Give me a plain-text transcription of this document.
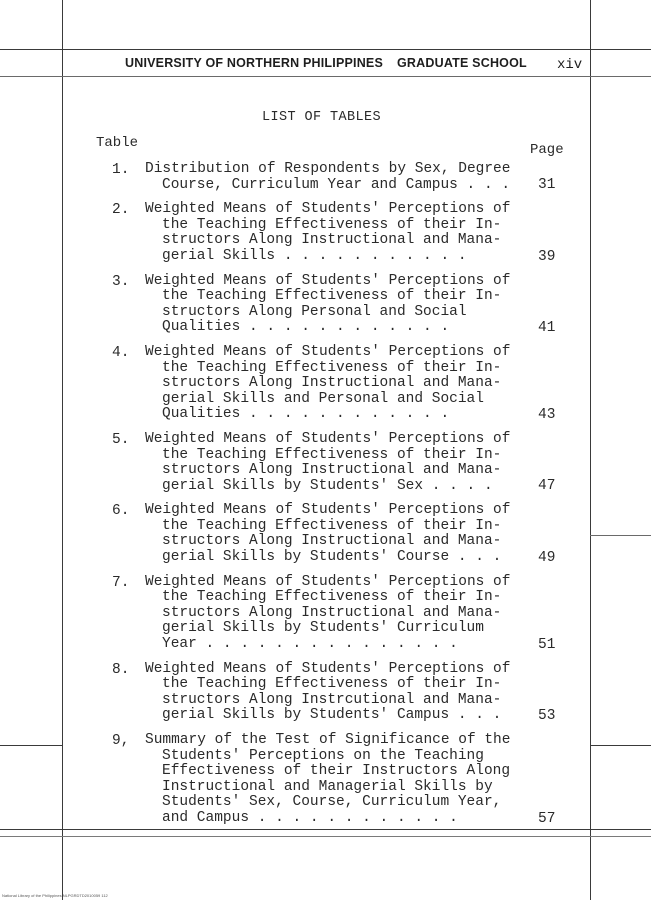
UNIVERSITY OF NORTHERN PHILIPPINES GRADUATE SCHOOL xiv
LIST OF TABLES
Table	Page
1. Distribution of Respondents by Sex, Degree
Course, Curriculum Year and Campus . . . 31
2. Weighted Means of Students' Perceptions of
the Teaching Effectiveness of their In-
structors Along Instructional and Mana-
gerial Skills . . . . . . . . . . .	39
3. Weighted Means of Students' Perceptions of
the Teaching Effectiveness of their In-
structors Along Personal and Social
Qualities . . . . . . . . . . . .	41
4. Weighted Means of Students' Perceptions of
the Teaching Effectiveness of their In-
structors Along Instructional and Mana-
gerial Skills and Personal and Social
Qualities . . . . . . . . . . . .	43
5. Weighted Means of Students' Perceptions of
the Teaching Effectiveness of their In-
structors Along Instructional and Mana-
gerial Skills by Students' Sex . . . .	47
6. Weighted Means of Students' Perceptions of
the Teaching Effectiveness of their In-
structors Along Instructional and Mana-
gerial Skills by Students' Course . . .	49
7. Weighted Means of Students' Perceptions of
the Teaching Effectiveness of their In-
structors Along Instructional and Mana-
gerial Skills by Students' Curriculum
Year . . . . . . . . . . . . . . .	51
8. Weighted Means of Students' Perceptions of
the Teaching Effectiveness of their In-
structors Along Instrcutional and Mana-
gerial Skills by Students' Campus . . .	53
9, Summary of the Test of Significance of the
Students' Perceptions on the Teaching
Effectiveness of their Instructors Along
Instructional and Managerial Skills by
Students' Sex, Course, Curriculum Year,
and Campus . . . . . . . . . . . .	57
National Library of the Philippines NLPGRDTD2010059 112
